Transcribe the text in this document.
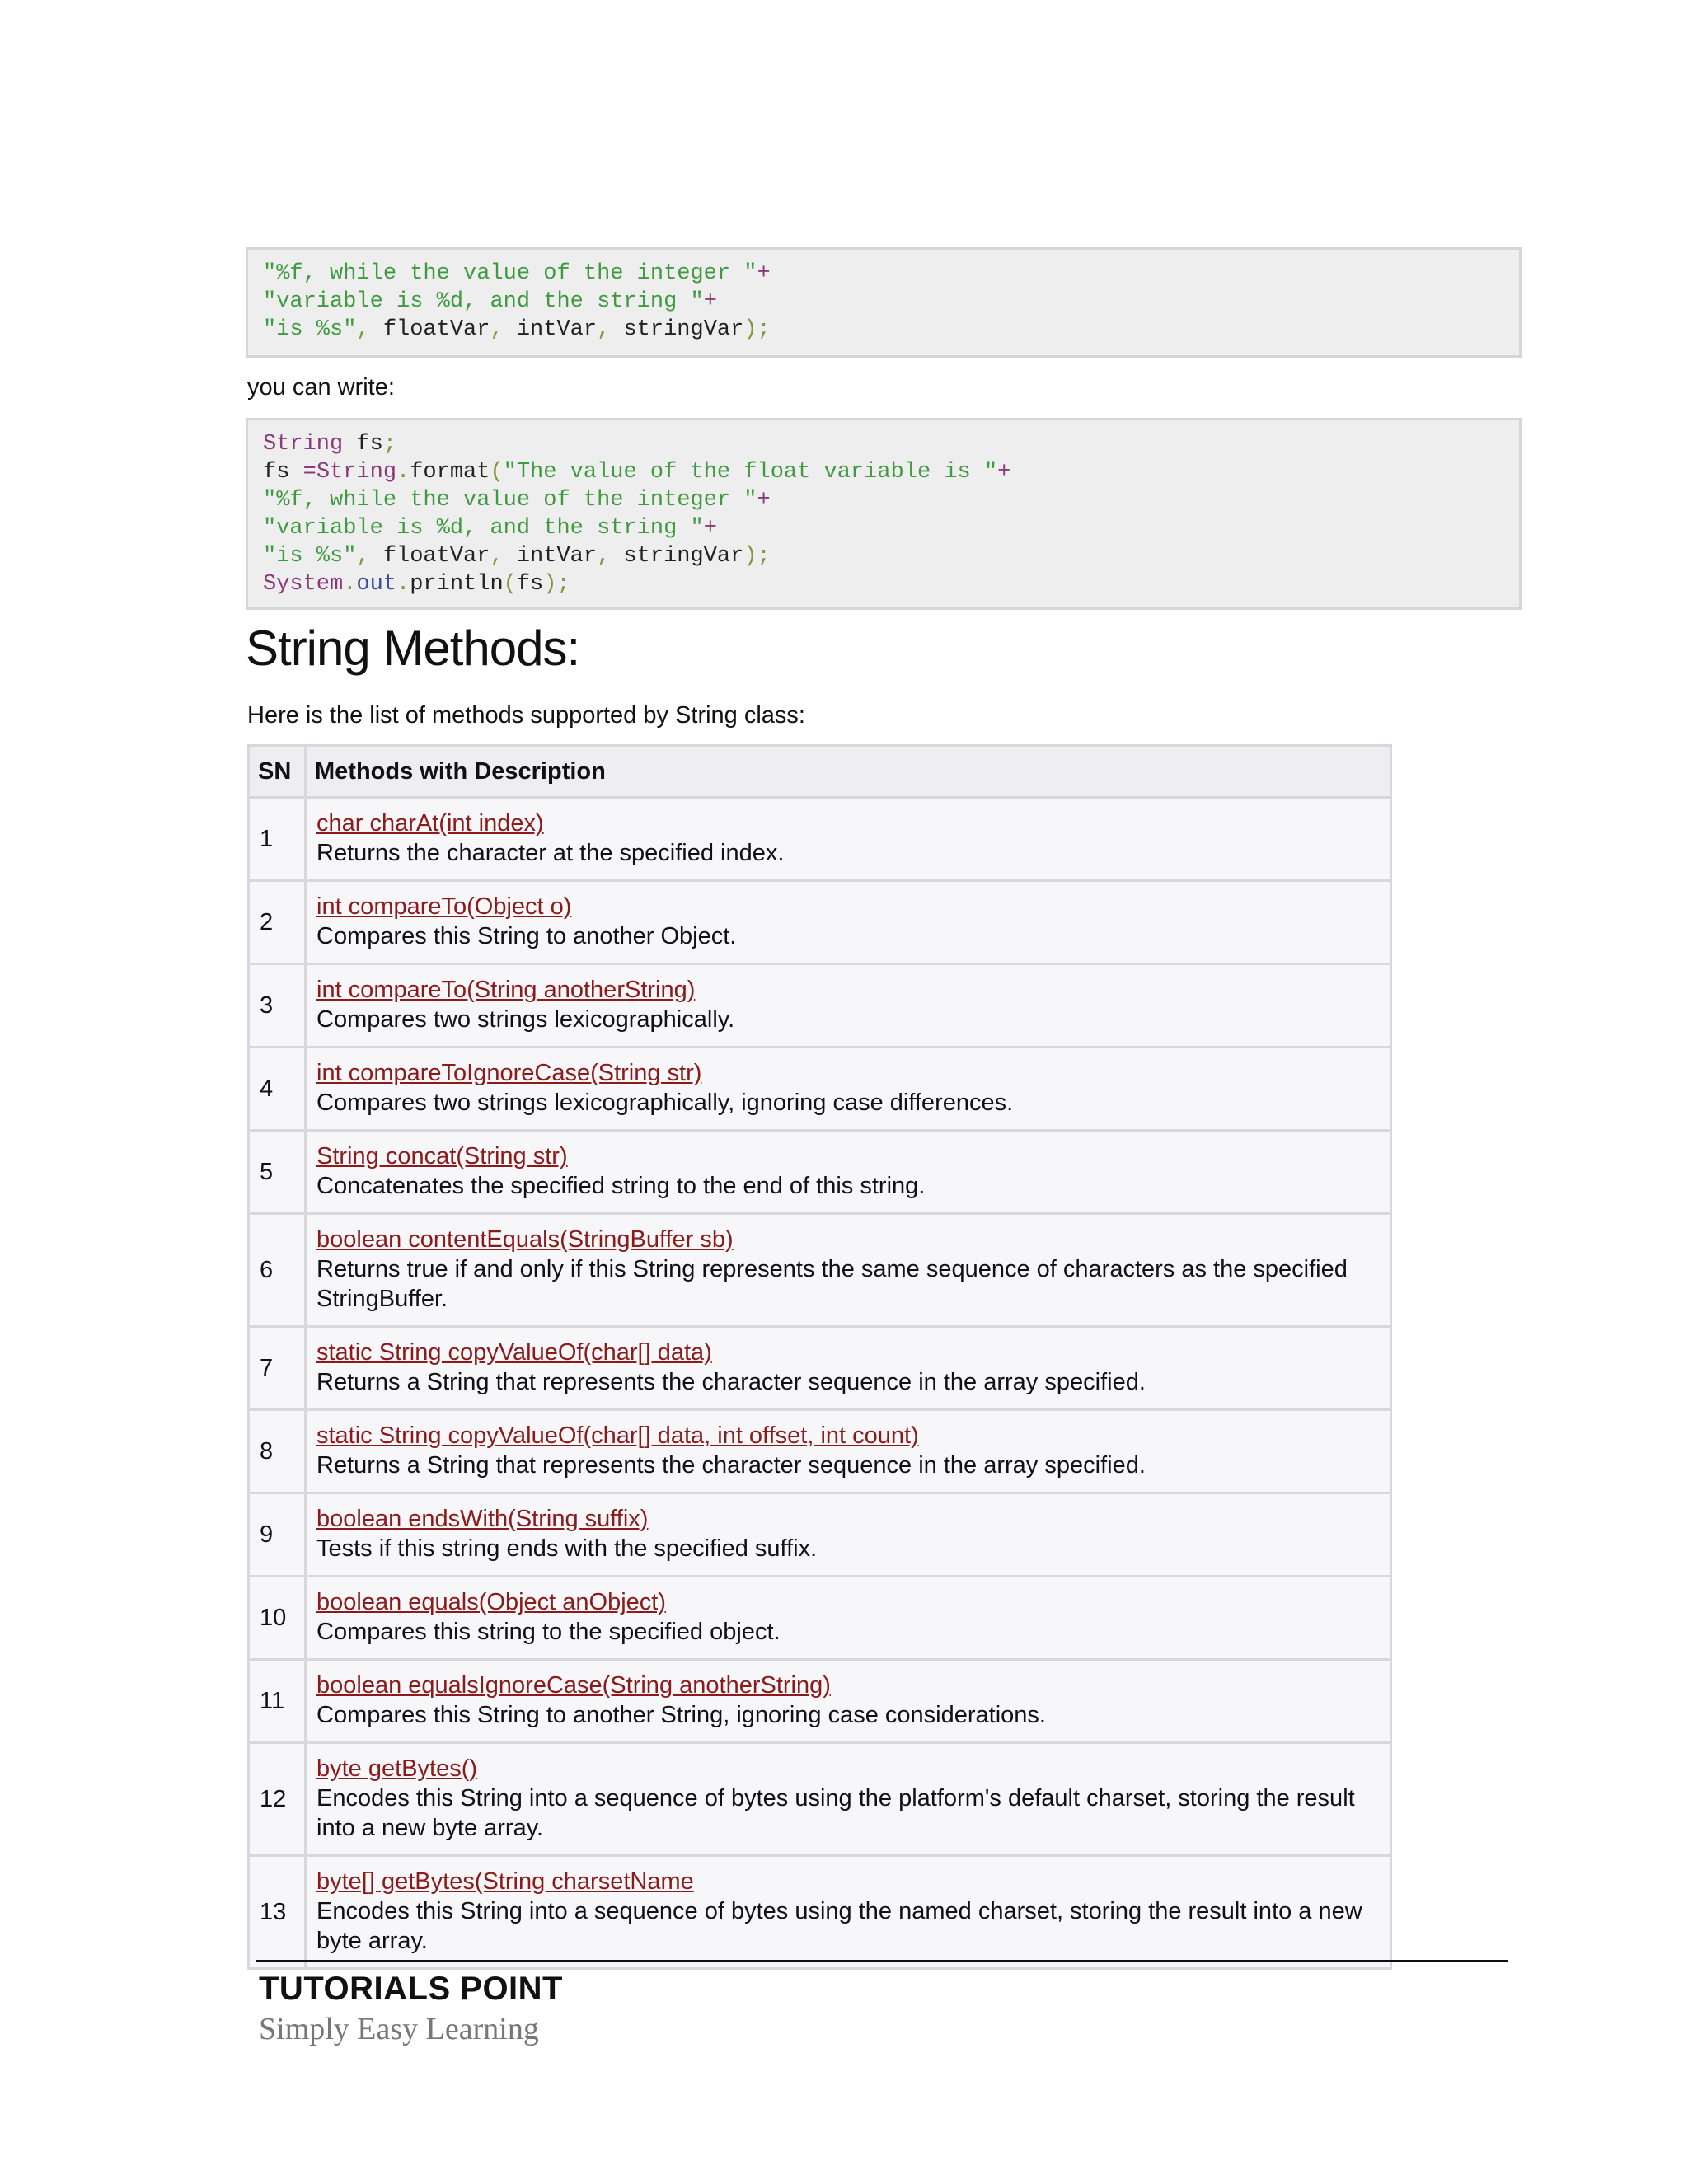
"%f, while the value of the integer "+
"variable is %d, and the string "+
"is %s", floatVar, intVar, stringVar);
you can write:
String fs;
fs =String.format("The value of the float variable is "+
"%f, while the value of the integer "+
"variable is %d, and the string "+
"is %s", floatVar, intVar, stringVar);
System.out.println(fs);
String Methods:
Here is the list of methods supported by String class:
SN	Methods with Description
1	char charAt(int index)
Returns the character at the specified index.

2	int compareTo(Object o)
Compares this String to another Object.

3	int compareTo(String anotherString)
Compares two strings lexicographically.

4	int compareToIgnoreCase(String str)
Compares two strings lexicographically, ignoring case differences.

5	String concat(String str)
Concatenates the specified string to the end of this string.

6	boolean contentEquals(StringBuffer sb)
Returns true if and only if this String represents the same sequence of characters as the specified StringBuffer.

7	static String copyValueOf(char[] data)
Returns a String that represents the character sequence in the array specified.

8	static String copyValueOf(char[] data, int offset, int count)
Returns a String that represents the character sequence in the array specified.

9	boolean endsWith(String suffix)
Tests if this string ends with the specified suffix.

10	boolean equals(Object anObject)
Compares this string to the specified object.

11	boolean equalsIgnoreCase(String anotherString)
Compares this String to another String, ignoring case considerations.

12	byte getBytes()
Encodes this String into a sequence of bytes using the platform's default charset, storing the result into a new byte array.

13	byte[] getBytes(String charsetName
Encodes this String into a sequence of bytes using the named charset, storing the result into a new byte array.
TUTORIALS POINT
Simply Easy Learning
